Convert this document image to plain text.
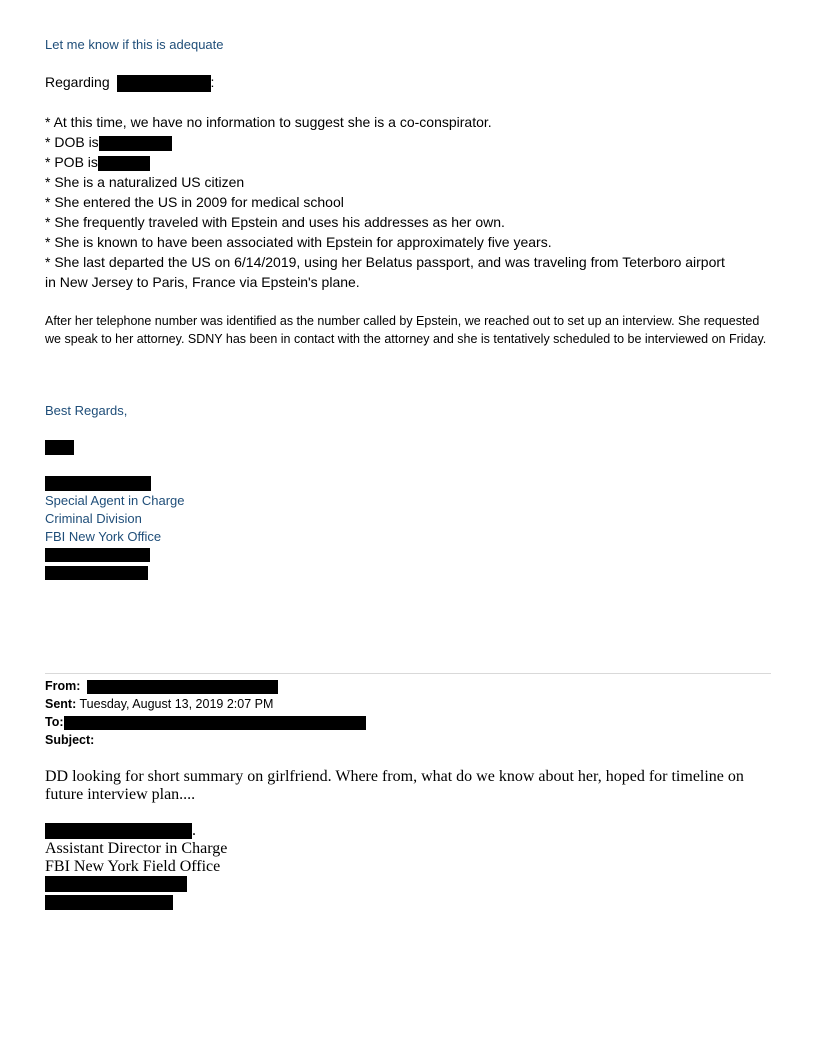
Let me know if this is adequate
Regarding	:
* At this time, we have no information to suggest she is a co-conspirator.
* DOB is
* POB is
* She is a naturalized US citizen
* She entered the US in 2009 for medical school
* She frequently traveled with Epstein and uses his addresses as her own.
* She is known to have been associated with Epstein for approximately five years.
* She last departed the US on 6/14/2019, using her Belatus passport, and was traveling from Teterboro airport
in New Jersey to Paris, France via Epstein's plane.
After her telephone number was identified as the number called by Epstein, we reached out to set up an interview. She requested we speak to her attorney. SDNY has been in contact with the attorney and she is tentatively scheduled to be interviewed on Friday.
Best Regards,
Special Agent in Charge
Criminal Division
FBI New York Office
From:
Sent: Tuesday, August 13, 2019 2:07 PM
To:
Subject:
DD looking for short summary on girlfriend. Where from, what do we know about her, hoped for timeline on future interview plan....
.
Assistant Director in Charge
FBI New York Field Office
